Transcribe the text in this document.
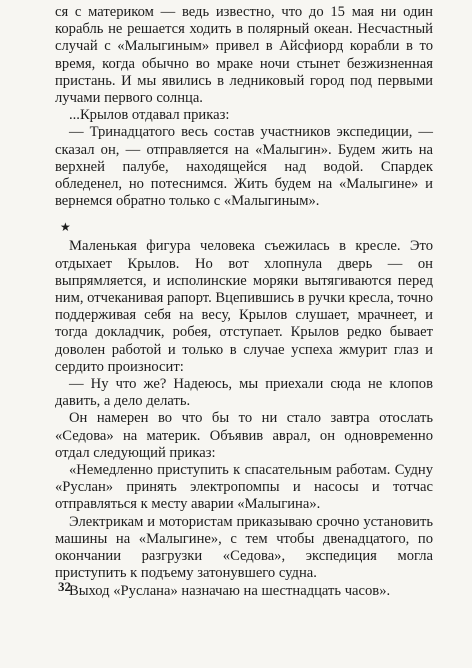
ся с материком — ведь известно, что до 15 мая ни один корабль не решается ходить в полярный океан. Несчастный случай с «Малыгиным» привел в Айсфиорд корабли в то время, когда обычно во мраке ночи стынет безжизненная пристань. И мы явились в ледниковый город под первыми лучами первого солнца.

...Крылов отдавал приказ:

— Тринадцатого весь состав участников экспедиции, — сказал он, — отправляется на «Малыгин». Будем жить на верхней палубе, находящейся над водой. Спардек обледенел, но потеснимся. Жить будем на «Малыгине» и вернемся обратно только с «Малыгиным».

Маленькая фигура человека съежилась в кресле. Это отдыхает Крылов. Но вот хлопнула дверь — он выпрямляется, и исполинские моряки вытягиваются перед ним, отчеканивая рапорт. Вцепившись в ручки кресла, точно поддерживая себя на весу, Крылов слушает, мрачнеет, и тогда докладчик, робея, отступает. Крылов редко бывает доволен работой и только в случае успеха жмурит глаз и сердито произносит:

— Ну что же? Надеюсь, мы приехали сюда не клопов давить, а дело делать.

Он намерен во что бы то ни стало завтра отослать «Седова» на материк. Объявив аврал, он одновременно отдал следующий приказ:

«Немедленно приступить к спасательным работам. Судну «Руслан» принять электропомпы и насосы и тотчас отправляться к месту аварии «Малыгина».

Электрикам и мотористам приказываю срочно установить машины на «Малыгине», с тем чтобы двенадцатого, по окончании разгрузки «Седова», экспедиция могла приступить к подъему затонувшего судна.

Выход «Руслана» назначаю на шестнадцать часов».

★
32
